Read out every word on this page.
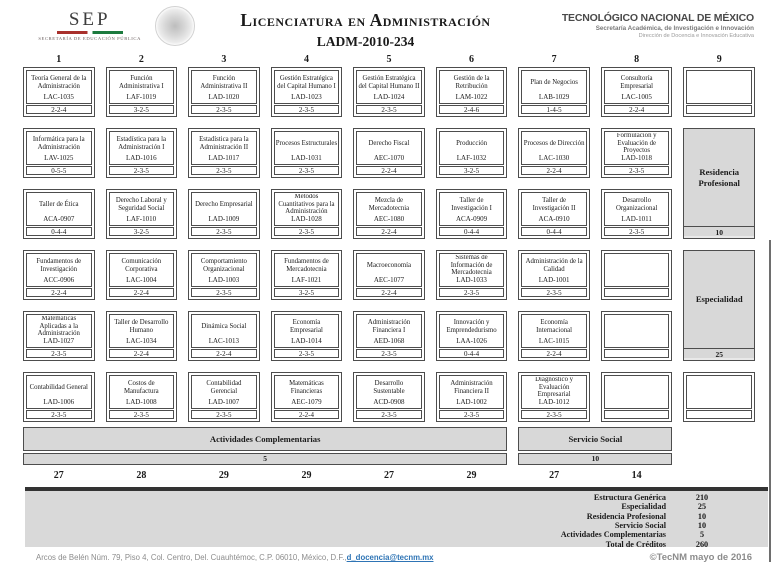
SEP
SECRETARÍA DE EDUCACIÓN PÚBLICA
Licenciatura en Administración
LADM-2010-234
TECNOLÓGICO NACIONAL DE MÉXICO
Secretaría Académica, de Investigación e Innovación
Dirección de Docencia e Innovación Educativa
1	2	3	4	5	6	7	8	9
Teoría General de la Administración
LAC-1035
2-2-4
Informática para la Administración
LAV-1025
0-5-5
Taller de Ética
ACA-0907
0-4-4
Fundamentos de Investigación
ACC-0906
2-2-4
Matemáticas Aplicadas a la Administración
LAD-1027
2-3-5
Contabilidad General
LAD-1006
2-3-5
Función Administrativa I
LAF-1019
3-2-5
Estadística para la Administración I
LAD-1016
2-3-5
Derecho Laboral y Seguridad Social
LAF-1010
3-2-5
Comunicación Corporativa
LAC-1004
2-2-4
Taller de Desarrollo Humano
LAC-1034
2-2-4
Costos de Manufactura
LAD-1008
2-3-5
Función Administrativa II
LAD-1020
2-3-5
Estadística para la Administración II
LAD-1017
2-3-5
Derecho Empresarial
LAD-1009
2-3-5
Comportamiento Organizacional
LAD-1003
2-3-5
Dinámica Social
LAC-1013
2-2-4
Contabilidad Gerencial
LAD-1007
2-3-5
Gestión Estratégica del Capital Humano I
LAD-1023
2-3-5
Procesos Estructurales
LAD-1031
2-3-5
Métodos Cuantitativos para la Administración
LAD-1028
2-3-5
Fundamentos de Mercadotecnia
LAF-1021
3-2-5
Economía Empresarial
LAD-1014
2-3-5
Matemáticas Financieras
AEC-1079
2-2-4
Gestión Estratégica del Capital Humano II
LAD-1024
2-3-5
Derecho Fiscal
AEC-1070
2-2-4
Mezcla de Mercadotecnia
AEC-1080
2-2-4
Macroeconomía
AEC-1077
2-2-4
Administración Financiera I
AED-1068
2-3-5
Desarrollo Sustentable
ACD-0908
2-3-5
Gestión de la Retribución
LAM-1022
2-4-6
Producción
LAF-1032
3-2-5
Taller de Investigación I
ACA-0909
0-4-4
Sistemas de Información de Mercadotecnia
LAD-1033
2-3-5
Innovación y Emprendedurismo
LAA-1026
0-4-4
Administración Financiera II
LAD-1002
2-3-5
Plan de Negocios
LAB-1029
1-4-5
Procesos de Dirección
LAC-1030
2-2-4
Taller de Investigación II
ACA-0910
0-4-4
Administración de la Calidad
LAD-1001
2-3-5
Economía Internacional
LAC-1015
2-2-4
Diagnóstico y Evaluación Empresarial
LAD-1012
2-3-5
Consultoría Empresarial
LAC-1005
2-2-4
Formulación y Evaluación de Proyectos
LAD-1018
2-3-5
Desarrollo Organizacional
LAD-1011
2-3-5
Residencia Profesional
10
Especialidad
25
Actividades Complementarias
5
Servicio Social
10
27	28	29	29	27	29	27	14
Estructura Genérica	210
Especialidad	25
Residencia Profesional	10
Servicio Social	10
Actividades Complementarias	5
Total de Créditos	260
Arcos de Belén Núm. 79, Piso 4, Col. Centro, Del. Cuauhtémoc, C.P. 06010, México, D.F., d_docencia@tecnm.mx	©TecNM mayo de 2016
